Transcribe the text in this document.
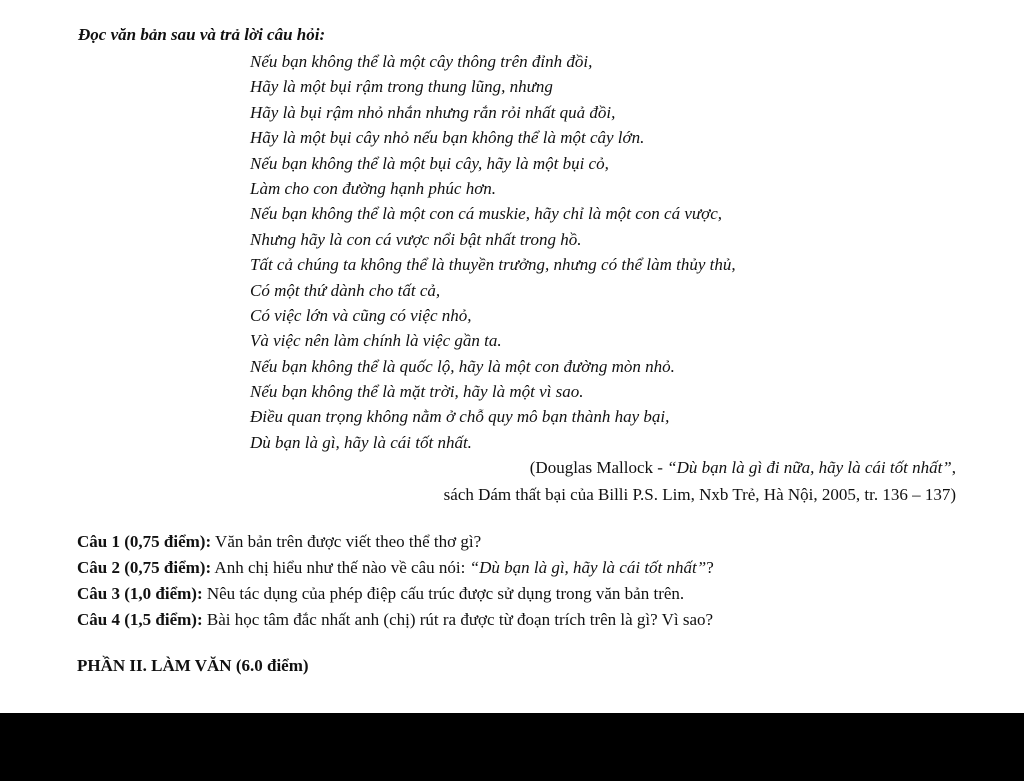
Đọc văn bản sau và trả lời câu hỏi:
Nếu bạn không thể là một cây thông trên đỉnh đồi,
Hãy là một bụi rậm trong thung lũng, nhưng
Hãy là bụi rậm nhỏ nhắn nhưng rắn rỏi nhất quả đồi,
Hãy là một bụi cây nhỏ nếu bạn không thể là một cây lớn.
Nếu bạn không thể là một bụi cây, hãy là một bụi cỏ,
Làm cho con đường hạnh phúc hơn.
Nếu bạn không thể là một con cá muskie, hãy chỉ là một con cá vược,
Nhưng hãy là con cá vược nổi bật nhất trong hồ.
Tất cả chúng ta không thể là thuyền trưởng, nhưng có thể làm thủy thủ,
Có một thứ dành cho tất cả,
Có việc lớn và cũng có việc nhỏ,
Và việc nên làm chính là việc gần ta.
Nếu bạn không thể là quốc lộ, hãy là một con đường mòn nhỏ.
Nếu bạn không thể là mặt trời, hãy là một vì sao.
Điều quan trọng không nằm ở chỗ quy mô bạn thành hay bại,
Dù bạn là gì, hãy là cái tốt nhất.
(Douglas Mallock - “Dù bạn là gì đi nữa, hãy là cái tốt nhất”,
sách Dám thất bại của Billi P.S. Lim, Nxb Trẻ, Hà Nội, 2005, tr. 136 – 137)
Câu 1 (0,75 điểm): Văn bản trên được viết theo thể thơ gì?
Câu 2 (0,75 điểm): Anh chị hiểu như thế nào về câu nói: “Dù bạn là gì, hãy là cái tốt nhất”?
Câu 3 (1,0 điểm): Nêu tác dụng của phép điệp cấu trúc được sử dụng trong văn bản trên.
Câu 4 (1,5 điểm): Bài học tâm đắc nhất anh (chị) rút ra được từ đoạn trích trên là gì? Vì sao?
PHẦN II. LÀM VĂN (6.0 điểm)
